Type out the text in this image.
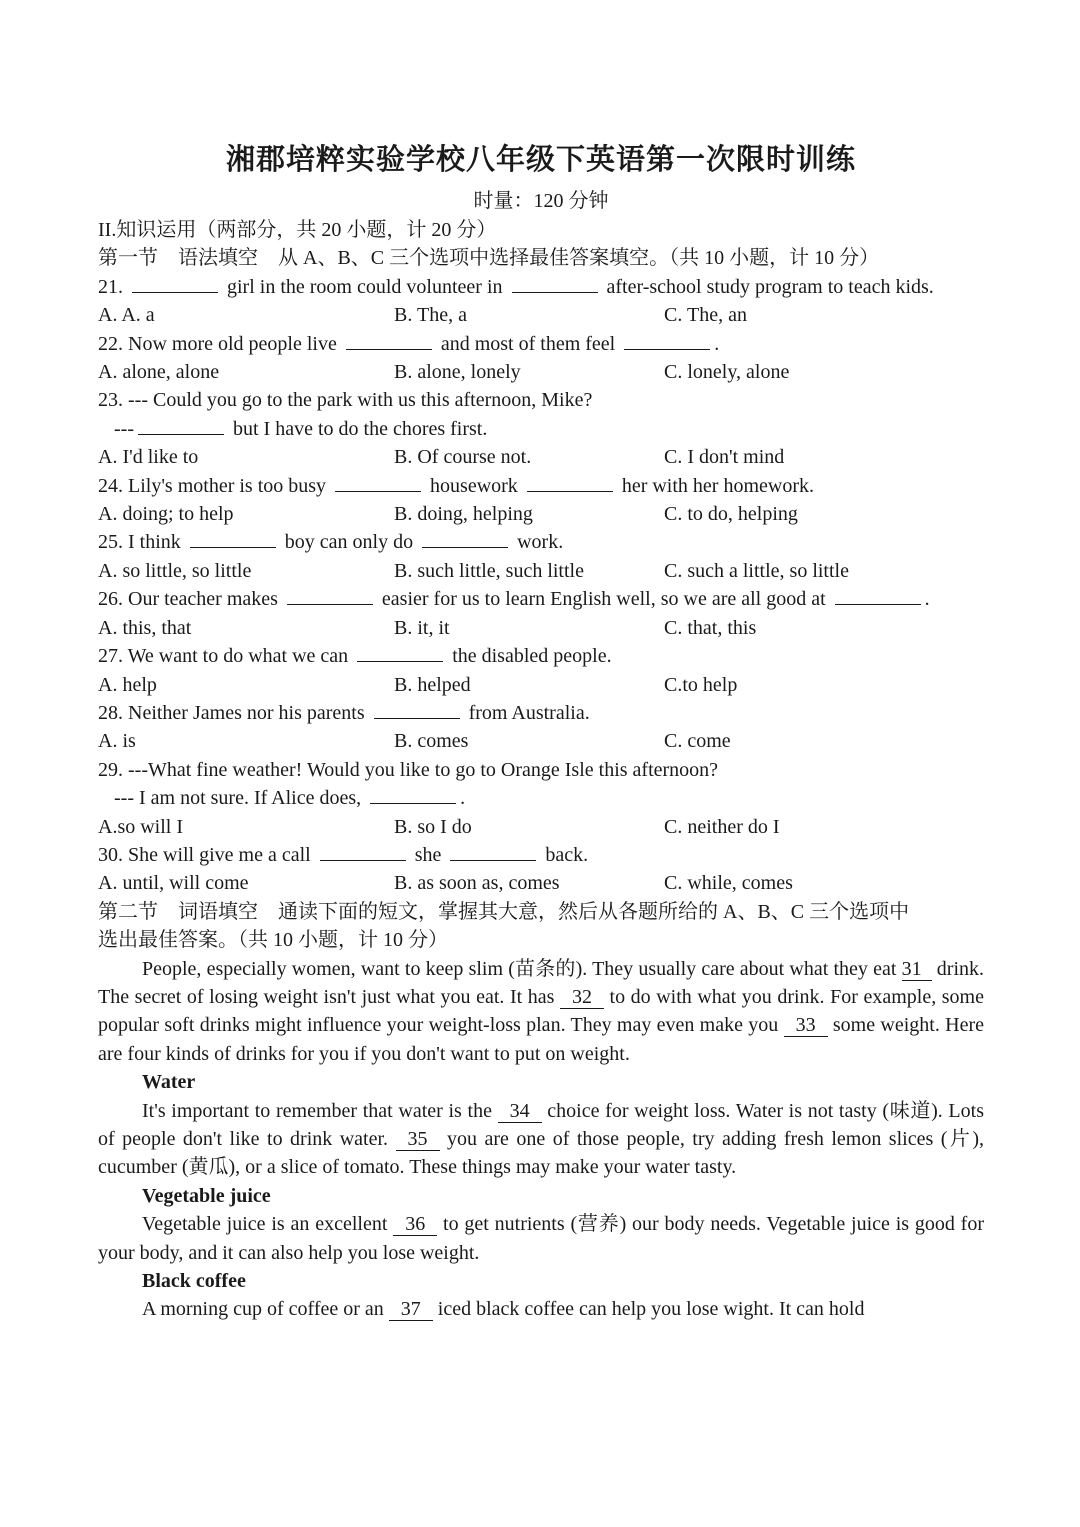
湘郡培粹实验学校八年级下英语第一次限时训练
时量：120 分钟
II.知识运用（两部分，共 20 小题，计 20 分）
第一节　语法填空　从 A、B、C 三个选项中选择最佳答案填空。（共 10 小题，计 10 分）
21.	girl in the room could volunteer in	after-school study program to teach kids.
A. A. a	B. The, a	C. The, an
22. Now more old people live	and most of them feel	.
A. alone, alone	B. alone, lonely	C. lonely, alone
23. --- Could you go to the park with us this afternoon, Mike?
---	but I have to do the chores first.
A. I'd like to	B. Of course not.	C. I don't mind
24. Lily's mother is too busy	housework	her with her homework.
A. doing; to help	B. doing, helping	C. to do, helping
25. I think	boy can only do	work.
A. so little, so little	B. such little, such little	C. such a little, so little
26. Our teacher makes	easier for us to learn English well, so we are all good at	.
A. this, that	B. it, it	C. that, this
27. We want to do what we can	the disabled people.
A. help	B. helped	C.to help
28. Neither James nor his parents	from Australia.
A. is	B. comes	C. come
29. ---What fine weather! Would you like to go to Orange Isle this afternoon?
--- I am not sure. If Alice does,	.
A.so will I	B. so I do	C. neither do I
30. She will give me a call	she	back.
A. until, will come	B. as soon as, comes	C. while, comes
第二节　词语填空　通读下面的短文，掌握其大意，然后从各题所给的 A、B、C 三个选项中
选出最佳答案。（共 10 小题，计 10 分）

People, especially women, want to keep slim (苗条的). They usually care about what they eat 31 drink. The secret of losing weight isn't just what you eat. It has 32 to do with what you drink. For example, some popular soft drinks might influence your weight-loss plan. They may even make you 33 some weight. Here are four kinds of drinks for you if you don't want to put on weight.

Water

It's important to remember that water is the 34 choice for weight loss. Water is not tasty (味道). Lots of people don't like to drink water. 35 you are one of those people, try adding fresh lemon slices (片), cucumber (黄瓜), or a slice of tomato. These things may make your water tasty.

Vegetable juice

Vegetable juice is an excellent 36 to get nutrients (营养) our body needs. Vegetable juice is good for your body, and it can also help you lose weight.

Black coffee

A morning cup of coffee or an 37 iced black coffee can help you lose wight. It can hold
